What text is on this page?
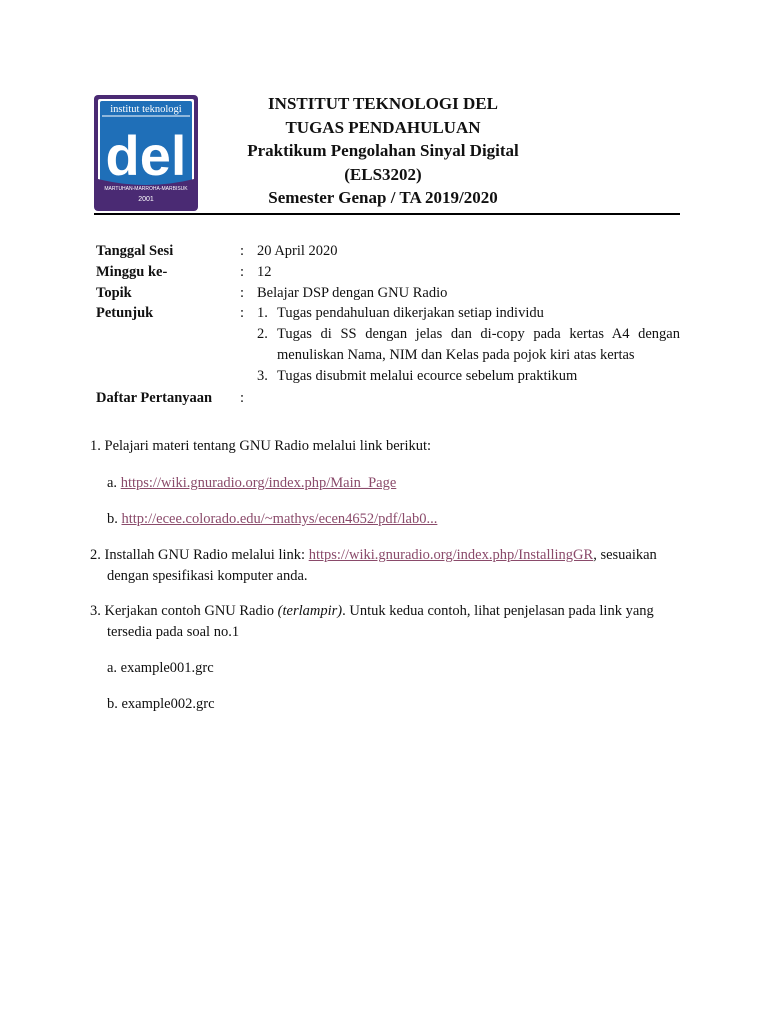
institut teknologi
del
MARTUHAN-MARROHA-MARBISUK
2001
INSTITUT TEKNOLOGI DEL
TUGAS PENDAHULUAN
Praktikum Pengolahan Sinyal Digital
(ELS3202)
Semester Genap / TA 2019/2020
Tanggal Sesi	: 20 April 2020
Minggu ke-	: 12
Topik	: Belajar DSP dengan GNU Radio
Petunjuk	: 1. Tugas pendahuluan dikerjakan setiap individu
2. Tugas di SS dengan jelas dan di-copy pada kertas A4 dengan menuliskan Nama, NIM dan Kelas pada pojok kiri atas kertas
3. Tugas disubmit melalui ecource sebelum praktikum
Daftar Pertanyaan :
1. Pelajari materi tentang GNU Radio melalui link berikut:
a. https://wiki.gnuradio.org/index.php/Main_Page
b. http://ecee.colorado.edu/~mathys/ecen4652/pdf/lab0...
2. Installah GNU Radio melalui link: https://wiki.gnuradio.org/index.php/InstallingGR, sesuaikan dengan spesifikasi komputer anda.
3. Kerjakan contoh GNU Radio (terlampir). Untuk kedua contoh, lihat penjelasan pada link yang tersedia pada soal no.1
a. example001.grc
b. example002.grc
